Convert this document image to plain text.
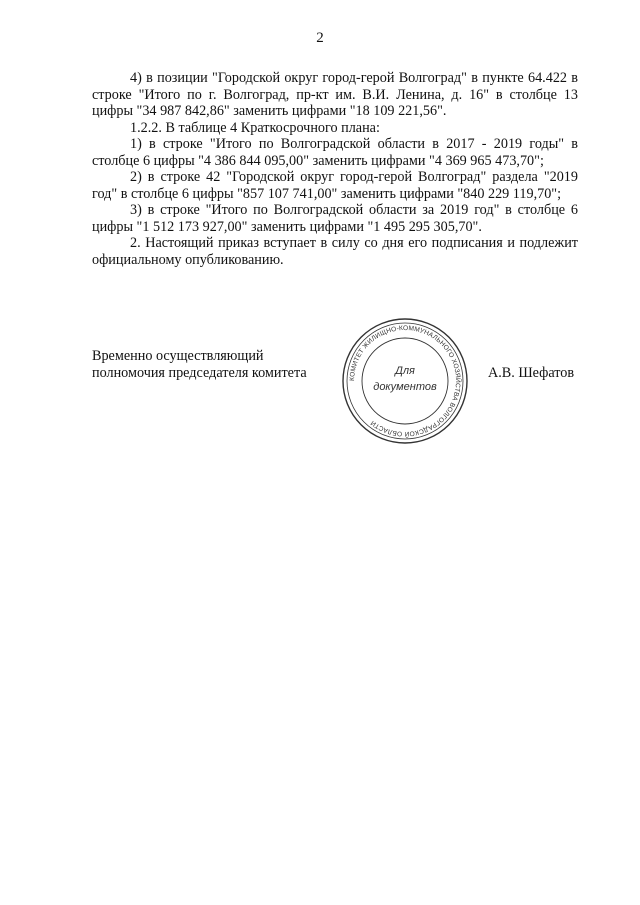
2

4) в позиции "Городской округ город-герой Волгоград" в пункте 64.422 в строке "Итого по г. Волгоград, пр-кт им. В.И. Ленина, д. 16" в столбце 13 цифры "34 987 842,86" заменить цифрами "18 109 221,56".

1.2.2. В таблице 4 Краткосрочного плана:

1) в строке "Итого по Волгоградской области в 2017 - 2019 годы" в столбце 6 цифры "4 386 844 095,00" заменить цифрами "4 369 965 473,70";

2) в строке 42 "Городской округ город-герой Волгоград" раздела "2019 год" в столбце 6 цифры "857 107 741,00" заменить цифрами "840 229 119,70";

3) в строке "Итого по Волгоградской области за 2019 год" в столбце 6 цифры "1 512 173 927,00" заменить цифрами "1 495 295 305,70".

2. Настоящий приказ вступает в силу со дня его подписания и подлежит официальному опубликованию.

Временно осуществляющий
полномочия председателя комитета	КОМИТЕТ ЖИЛИЩНО-КОММУНАЛЬНОГО ХОЗЯЙСТВА ВОЛГОГРАДСКОЙ ОБЛАСТИ
Для
документов
А.В. Шефатов
